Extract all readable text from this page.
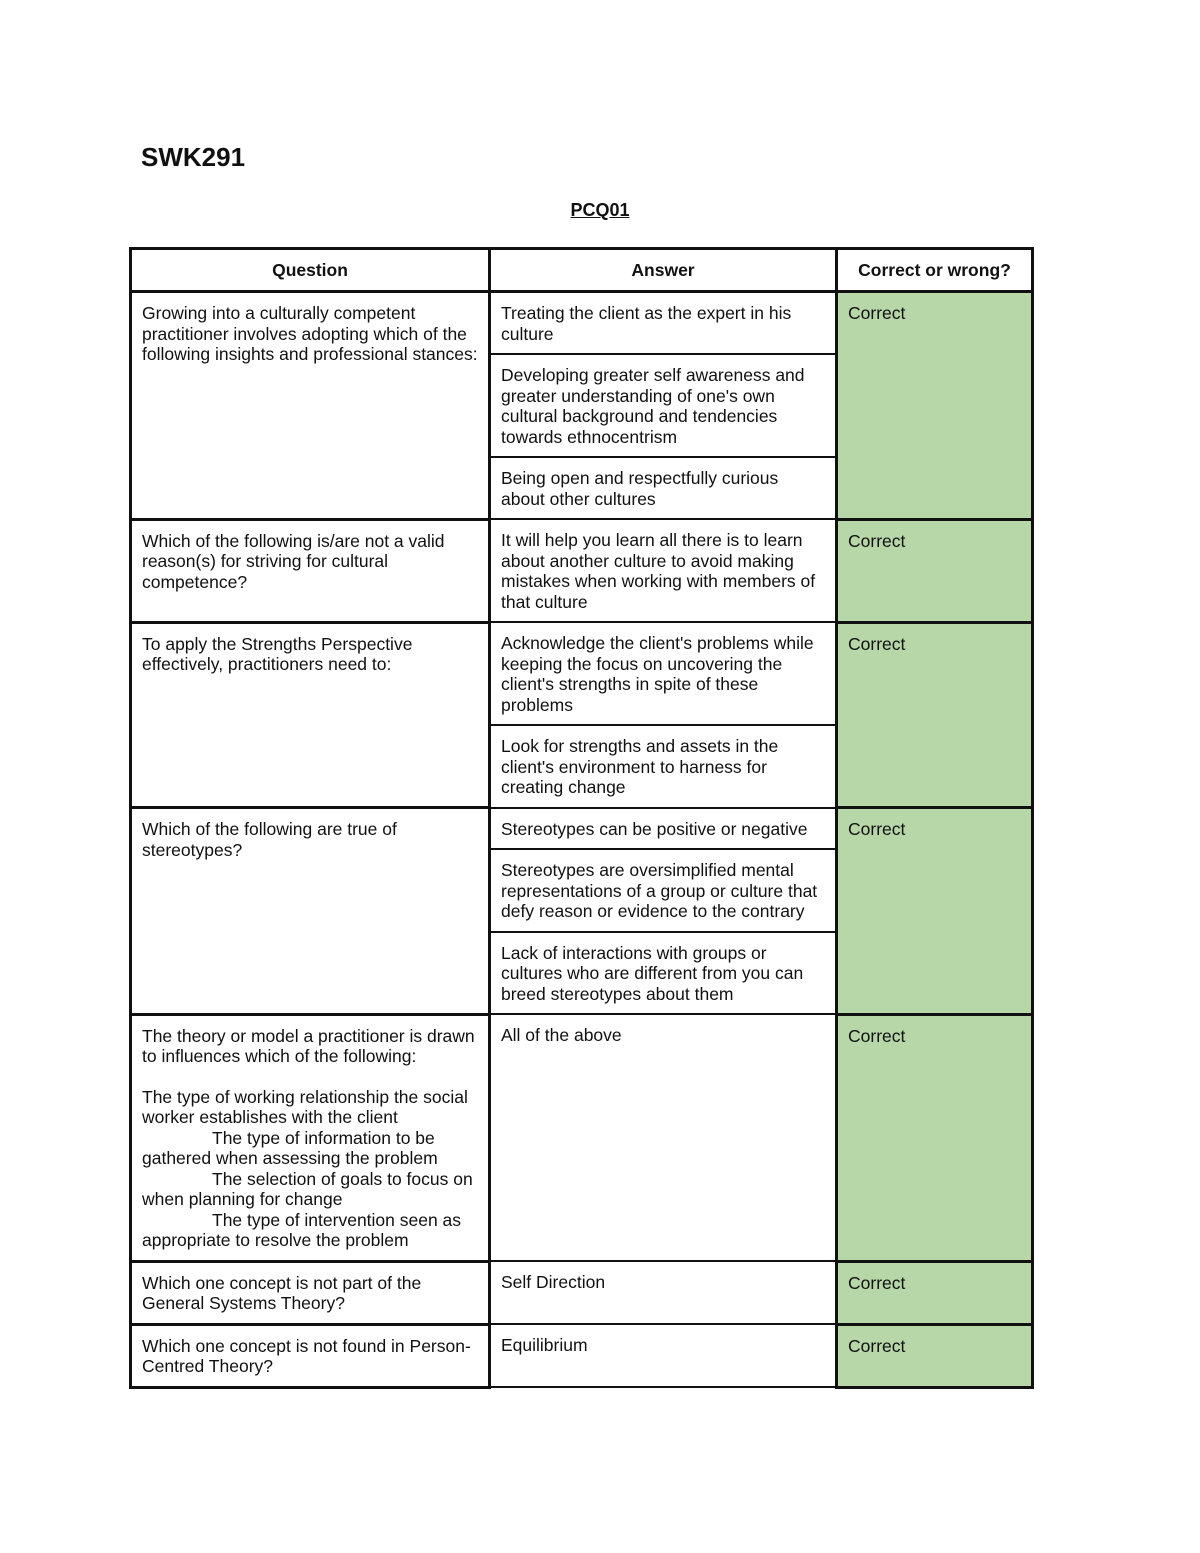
SWK291
PCQ01
Question	Answer	Correct or wrong?
Growing into a culturally competent practitioner involves adopting which of the following insights and professional stances:	Treating the client as the expert in his culture	Correct
	Developing greater self awareness and greater understanding of one's own cultural background and tendencies towards ethnocentrism	
	Being open and respectfully curious about other cultures	
Which of the following is/are not a valid reason(s) for striving for cultural competence?	It will help you learn all there is to learn about another culture to avoid making mistakes when working with members of that culture	Correct
To apply the Strengths Perspective effectively, practitioners need to:	Acknowledge the client's problems while keeping the focus on uncovering the client's strengths in spite of these problems	Correct
	Look for strengths and assets in the client's environment to harness for creating change	
Which of the following are true of stereotypes?	Stereotypes can be positive or negative	Correct
	Stereotypes are oversimplified mental representations of a group or culture that defy reason or evidence to the contrary	
	Lack of interactions with groups or cultures who are different from you can breed stereotypes about them	

The theory or model a practitioner is drawn to influences which of the following:
The type of working relationship the social worker establishes with the client
The type of information to be gathered when assessing the problem
The selection of goals to focus on when planning for change
The type of intervention seen as appropriate to resolve the problem	All of the above	Correct
Which one concept is not part of the General Systems Theory?	Self Direction	Correct
Which one concept is not found in Person-Centred Theory?	Equilibrium	Correct
